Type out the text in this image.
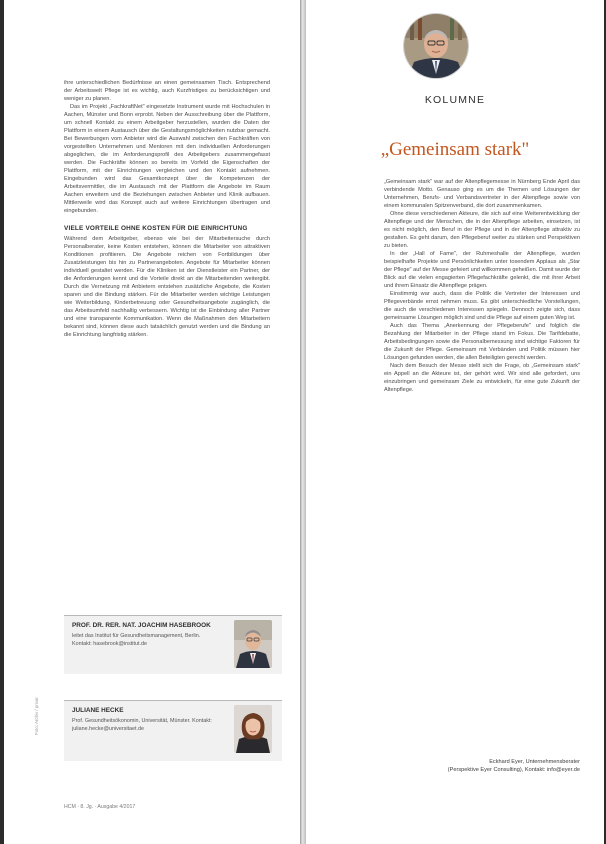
Foto: Archiv / privat

ihre unterschiedlichen Bedürfnisse an einen gemeinsamen Tisch. Entsprechend der Arbeitswelt Pflege ist es wichtig, auch Kurzfristiges zu berücksichtigen und weniger zu planen.

Das im Projekt „FachkraftNet" eingesetzte Instrument wurde mit Hochschulen in Aachen, Münster und Bonn erprobt. Neben der Ausschreibung über die Plattform, um schnell Kontakt zu einem Arbeitgeber herzustellen, wurden die Daten der Plattform in einem Austausch über die Gestaltungsmöglichkeiten nutzbar gemacht. Bei Bewerbungen vom Anbieter wird die Auswahl zwischen den Fachkräften von vorgestellten Unternehmen und Mentoren mit den individuellen Anforderungen abgeglichen, die im Anforderungsprofil des Arbeitgebers zusammengefasst werden. Die Fachkräfte können so bereits im Vorfeld die Eigenschaften der Plattform, mit der Einrichtungen vergleichen und den Kontakt aufnehmen. Eingebunden wird das Gesamtkonzept über die Kompetenzen der Arbeitsvermittler, die im Austausch mit der Plattform die Angebote im Raum Aachen erweitern und die Beziehungen zwischen Anbieter und Klinik aufbauen. Mittlerweile wird das Konzept auch auf weitere Einrichtungen übertragen und eingebunden.

VIELE VORTEILE OHNE KOSTEN FÜR DIE EINRICHTUNG

Während dem Arbeitgeber, ebenso wie bei der Mitarbeitersuche durch Personalberater, keine Kosten entstehen, können die Mitarbeiter von attraktiven Konditionen profitieren. Die Angebote reichen von Fortbildungen über Zusatzleistungen bis hin zu Partnerangeboten. Angebote für Mitarbeiter können individuell gestaltet werden. Für die Kliniken ist der Dienstleister ein Partner, der die Anforderungen kennt und die Vorteile direkt an die Mitarbeitenden weitergibt. Durch die Vernetzung mit Anbietern entstehen zusätzliche Angebote, die Kosten sparen und die Bindung stärken. Für die Mitarbeiter werden wichtige Leistungen wie Weiterbildung, Kinderbetreuung oder Gesundheitsangebote zugänglich, die das Arbeitsumfeld nachhaltig verbessern. Wichtig ist die Einbindung aller Partner und eine transparente Kommunikation. Wenn die Maßnahmen den Mitarbeitern bekannt sind, können diese auch tatsächlich genutzt werden und die Bindung an die Einrichtung langfristig stärken.

PROF. DR. RER. NAT. JOACHIM HASEBROOK
leitet das Institut für Gesundheitsmanagement, Berlin. Kontakt: hasebrook@institut.de
JULIANE HECKE
Prof. Gesundheitsökonomin, Universität, Münster. Kontakt: juliane.hecke@universitaet.de
HCM · 8. Jg. · Ausgabe 4/2017
KOLUMNE
„Gemeinsam stark"

„Gemeinsam stark" war auf der Altenpflegemesse in Nürnberg Ende April das verbindende Motto. Genauso ging es um die Themen und Lösungen der Unternehmen, Berufs- und Verbandsvertreter in der Altenpflege sowie von einem kommunalen Spitzenverband, die dort zusammenkamen.

Ohne diese verschiedenen Akteure, die sich auf eine Weiterentwicklung der Altenpflege und der Menschen, die in der Altenpflege arbeiten, einsetzen, ist es nicht möglich, den Beruf in der Pflege und in der Altenpflege attraktiv zu gestalten. Es geht darum, den Pflegeberuf weiter zu stärken und Perspektiven zu bieten.

In der „Hall of Fame", der Ruhmeshalle der Altenpflege, wurden beispielhafte Projekte und Persönlichkeiten unter tosendem Applaus als „Star der Pflege" auf der Messe gefeiert und willkommen geheißen. Damit wurde der Blick auf die vielen engagierten Pflegefachkräfte gelenkt, die mit ihrer Arbeit und ihrem Einsatz die Altenpflege prägen.

Einstimmig war auch, dass die Politik die Vertreter der Interessen und Pflegeverbände ernst nehmen muss. Es gibt unterschiedliche Vorstellungen, die auch die verschiedenen Interessen spiegeln. Dennoch zeigte sich, dass gemeinsame Lösungen möglich sind und die Pflege auf einem guten Weg ist.

Auch das Thema „Anerkennung der Pflegeberufe" und folglich die Bezahlung der Mitarbeiter in der Pflege stand im Fokus. Die Tarifdebatte, Arbeitsbedingungen sowie die Personalbemessung sind wichtige Faktoren für die Zukunft der Pflege. Gemeinsam mit Verbänden und Politik müssen hier Lösungen gefunden werden, die allen Beteiligten gerecht werden.

Nach dem Besuch der Messe stellt sich die Frage, ob „Gemeinsam stark" ein Appell an die Akteure ist, der gehört wird. Wir sind alle gefordert, uns einzubringen und gemeinsam Ziele zu entwickeln, für eine gute Zukunft der Altenpflege.

Eckhard Eyer, Unternehmensberater
(Perspektive Eyer Consulting), Kontakt: info@eyer.de
